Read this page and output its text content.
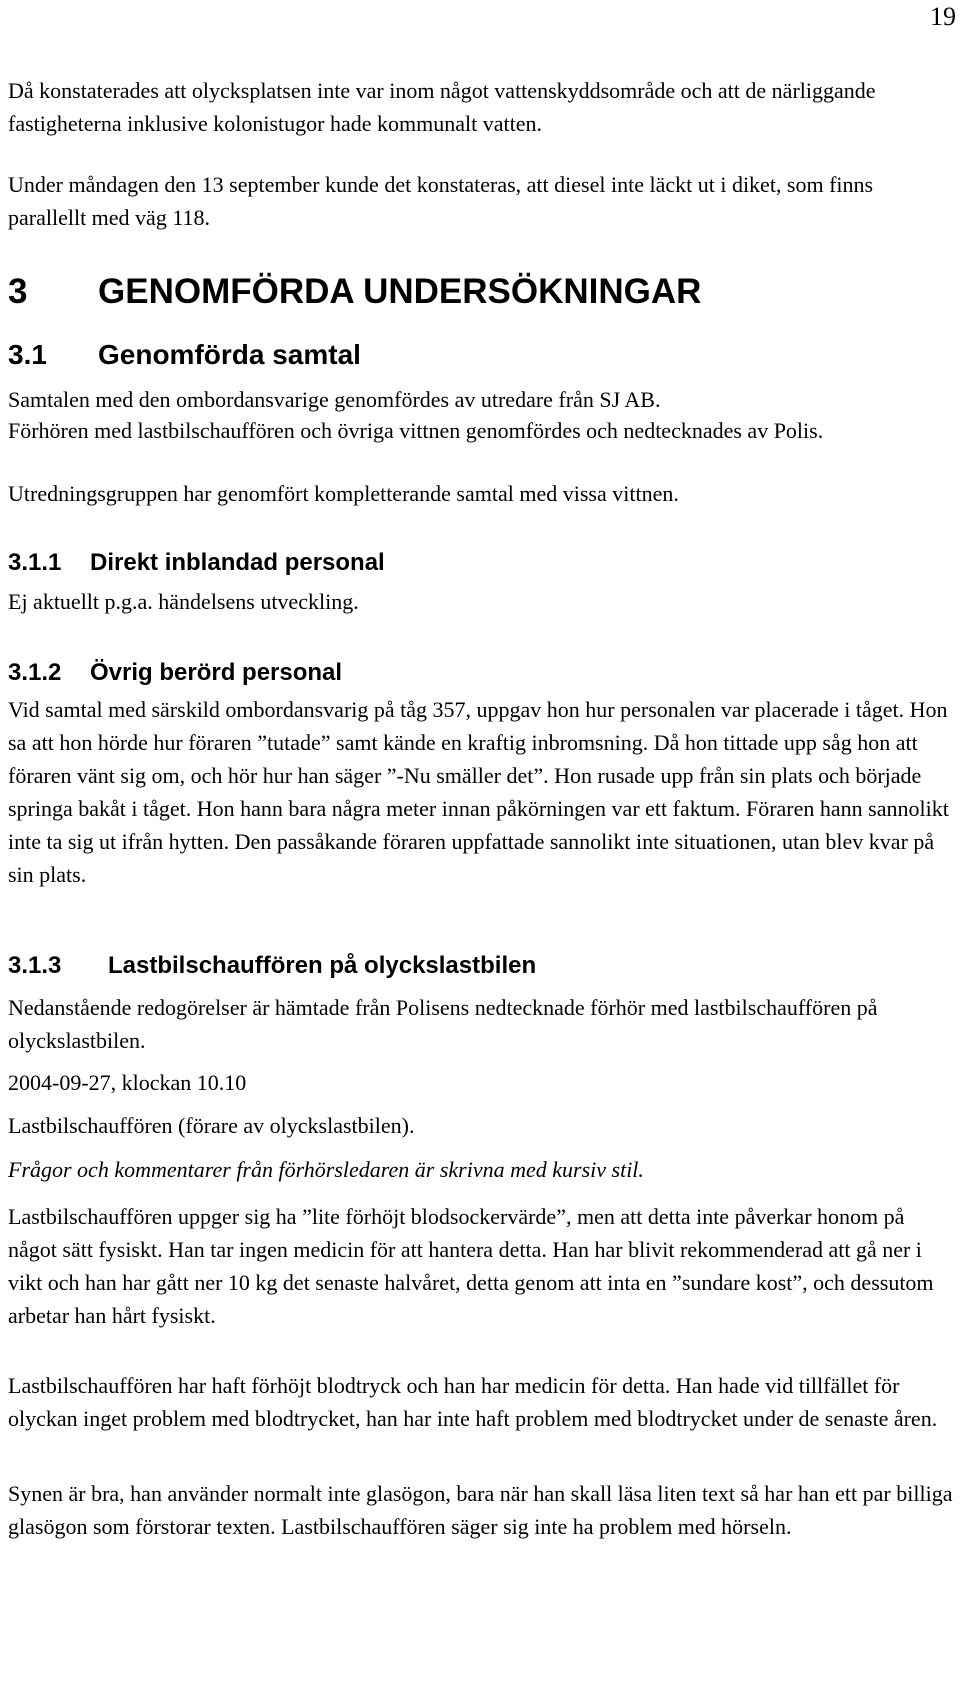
19

Då konstaterades att olycksplatsen inte var inom något vattenskyddsområde och att de närliggande fastigheterna inklusive kolonistugor hade kommunalt vatten.

Under måndagen den 13 september kunde det konstateras, att diesel inte läckt ut i diket, som finns parallellt med väg 118.

3 GENOMFÖRDA UNDERSÖKNINGAR
3.1 Genomförda samtal

Samtalen med den ombordansvarige genomfördes av utredare från SJ AB.

Förhören med lastbilschauffören och övriga vittnen genomfördes och nedtecknades av Polis.

Utredningsgruppen har genomfört kompletterande samtal med vissa vittnen.

3.1.1 Direkt inblandad personal

Ej aktuellt p.g.a. händelsens utveckling.

3.1.2 Övrig berörd personal

Vid samtal med särskild ombordansvarig på tåg 357, uppgav hon hur personalen var placerade i tåget. Hon sa att hon hörde hur föraren ”tutade” samt kände en kraftig inbromsning. Då hon tittade upp såg hon att föraren vänt sig om, och hör hur han säger ”-Nu smäller det”. Hon rusade upp från sin plats och började springa bakåt i tåget. Hon hann bara några meter innan påkörningen var ett faktum. Föraren hann sannolikt inte ta sig ut ifrån hytten. Den passåkande föraren uppfattade sannolikt inte situationen, utan blev kvar på sin plats.

3.1.3 Lastbilschauffören på olyckslastbilen

Nedanstående redogörelser är hämtade från Polisens nedtecknade förhör med lastbilschauffören på olyckslastbilen.

2004-09-27, klockan 10.10

Lastbilschauffören (förare av olyckslastbilen).

Frågor och kommentarer från förhörsledaren är skrivna med kursiv stil.

Lastbilschauffören uppger sig ha ”lite förhöjt blodsockervärde”, men att detta inte påverkar honom på något sätt fysiskt. Han tar ingen medicin för att hantera detta. Han har blivit rekommenderad att gå ner i vikt och han har gått ner 10 kg det senaste halvåret, detta genom att inta en ”sundare kost”, och dessutom arbetar han hårt fysiskt.

Lastbilschauffören har haft förhöjt blodtryck och han har medicin för detta. Han hade vid tillfället för olyckan inget problem med blodtrycket, han har inte haft problem med blodtrycket under de senaste åren.

Synen är bra, han använder normalt inte glasögon, bara när han skall läsa liten text så har han ett par billiga glasögon som förstorar texten. Lastbilschauffören säger sig inte ha problem med hörseln.
